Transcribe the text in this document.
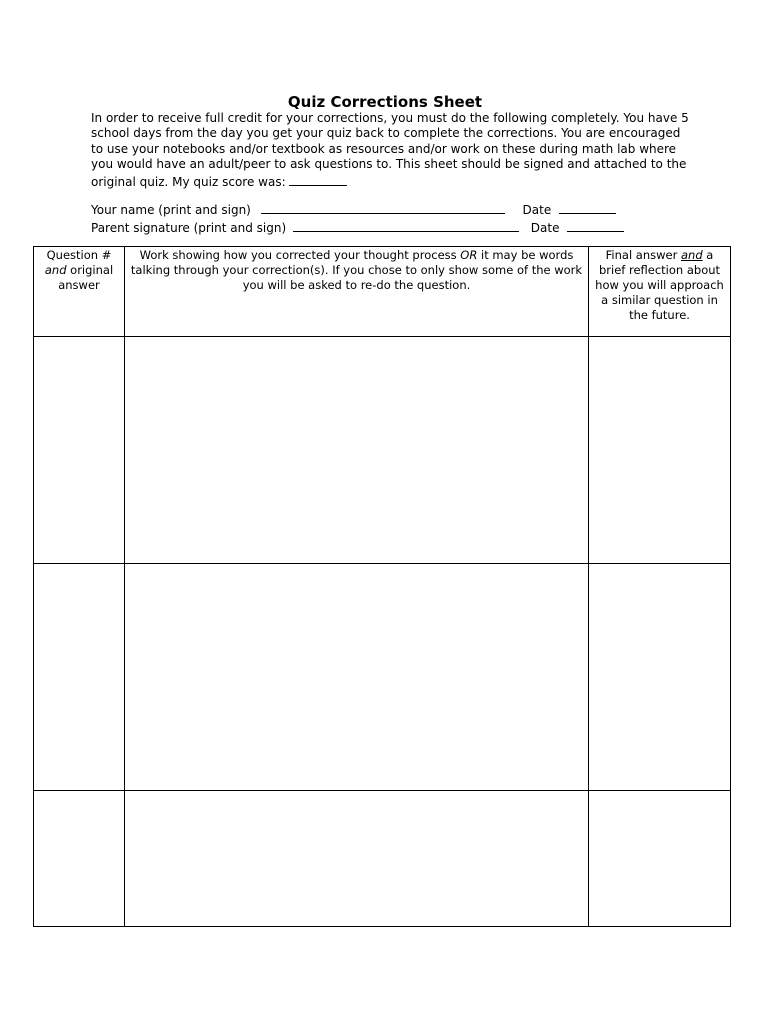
Quiz Corrections Sheet

In order to receive full credit for your corrections, you must do the following completely. You have 5 school days from the day you get your quiz back to complete the corrections. You are encouraged to use your notebooks and/or textbook as resources and/or work on these during math lab where you would have an adult/peer to ask questions to. This sheet should be signed and attached to the original quiz. My quiz score was:

Your name (print and sign)	Date
Parent signature (print and sign)	Date
Question # and original answer	Work showing how you corrected your thought process OR it may be words talking through your correction(s). If you chose to only show some of the work you will be asked to re-do the question.	Final answer and a brief reflection about how you will approach a similar question in the future.
